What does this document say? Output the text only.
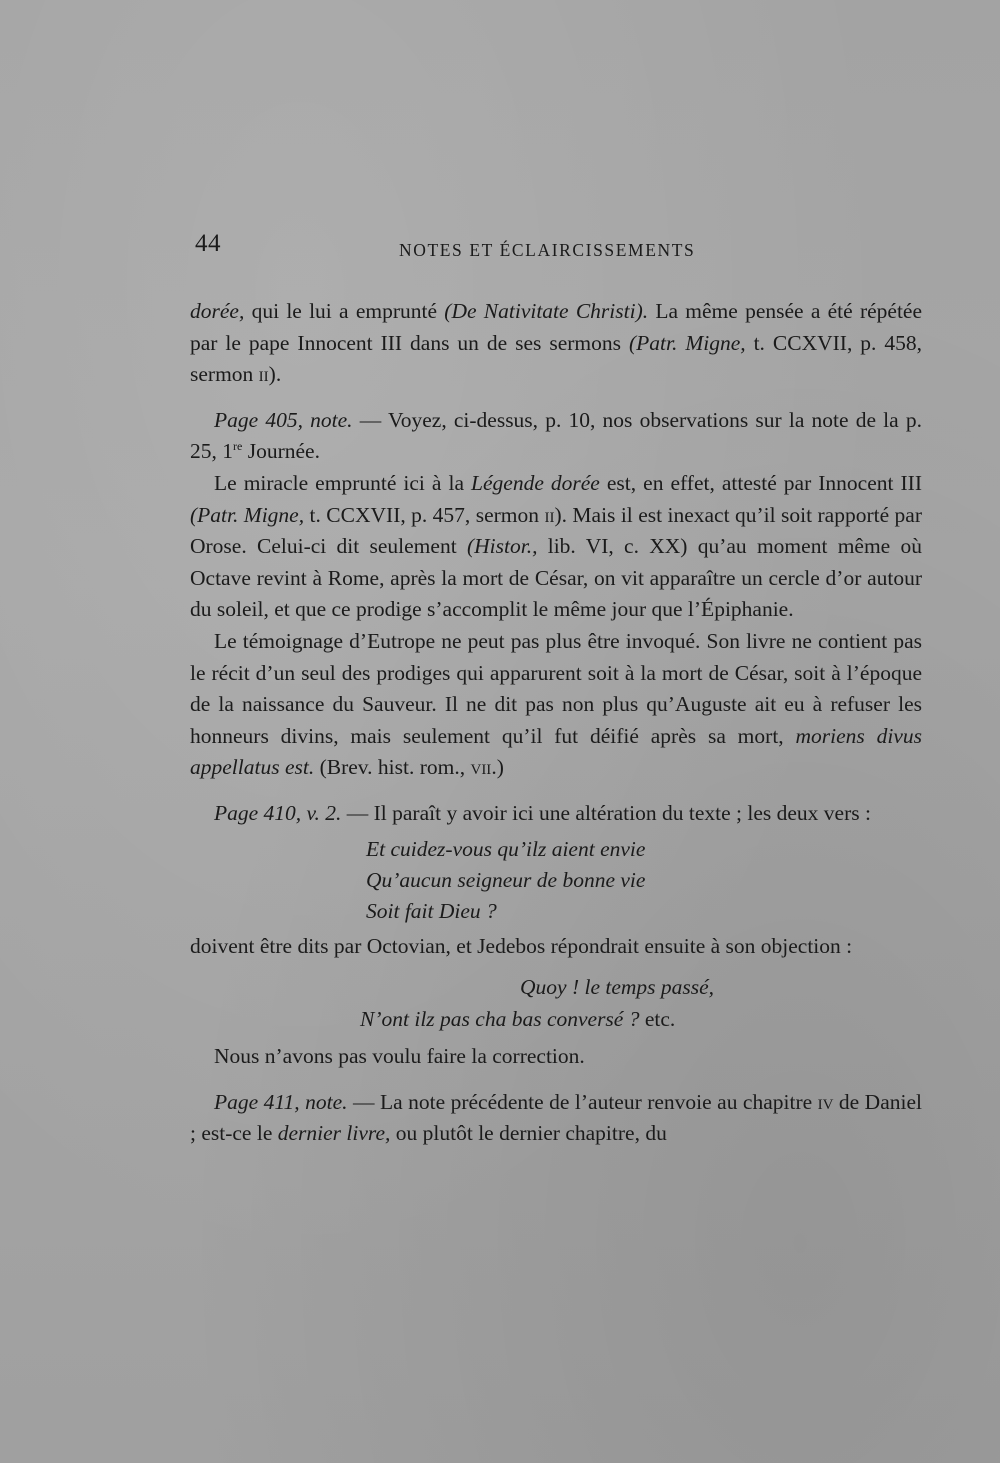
44	NOTES ET ÉCLAIRCISSEMENTS

dorée, qui le lui a emprunté (De Nativitate Christi). La même pensée a été répétée par le pape Innocent III dans un de ses sermons (Patr. Migne, t. CCXVII, p. 458, sermon ii).

Page 405, note. — Voyez, ci-dessus, p. 10, nos observations sur la note de la p. 25, 1re Journée.

Le miracle emprunté ici à la Légende dorée est, en effet, attesté par Innocent III (Patr. Migne, t. CCXVII, p. 457, sermon ii). Mais il est inexact qu’il soit rapporté par Orose. Celui-ci dit seulement (Histor., lib. VI, c. XX) qu’au moment même où Octave revint à Rome, après la mort de César, on vit apparaître un cercle d’or autour du soleil, et que ce prodige s’accomplit le même jour que l’Épiphanie.

Le témoignage d’Eutrope ne peut pas plus être invoqué. Son livre ne contient pas le récit d’un seul des prodiges qui apparurent soit à la mort de César, soit à l’époque de la naissance du Sauveur. Il ne dit pas non plus qu’Auguste ait eu à refuser les honneurs divins, mais seulement qu’il fut déifié après sa mort, moriens divus appellatus est. (Brev. hist. rom., vii.)

Page 410, v. 2. — Il paraît y avoir ici une altération du texte ; les deux vers :

Et cuidez-vous qu’ilz aient envie
Qu’aucun seigneur de bonne vie
Soit fait Dieu ?

doivent être dits par Octovian, et Jedebos répondrait ensuite à son objection :

Quoy ! le temps passé,
N’ont ilz pas cha bas conversé ? etc.

Nous n’avons pas voulu faire la correction.

Page 411, note. — La note précédente de l’auteur renvoie au chapitre iv de Daniel ; est-ce le dernier livre, ou plutôt le dernier chapitre, du
